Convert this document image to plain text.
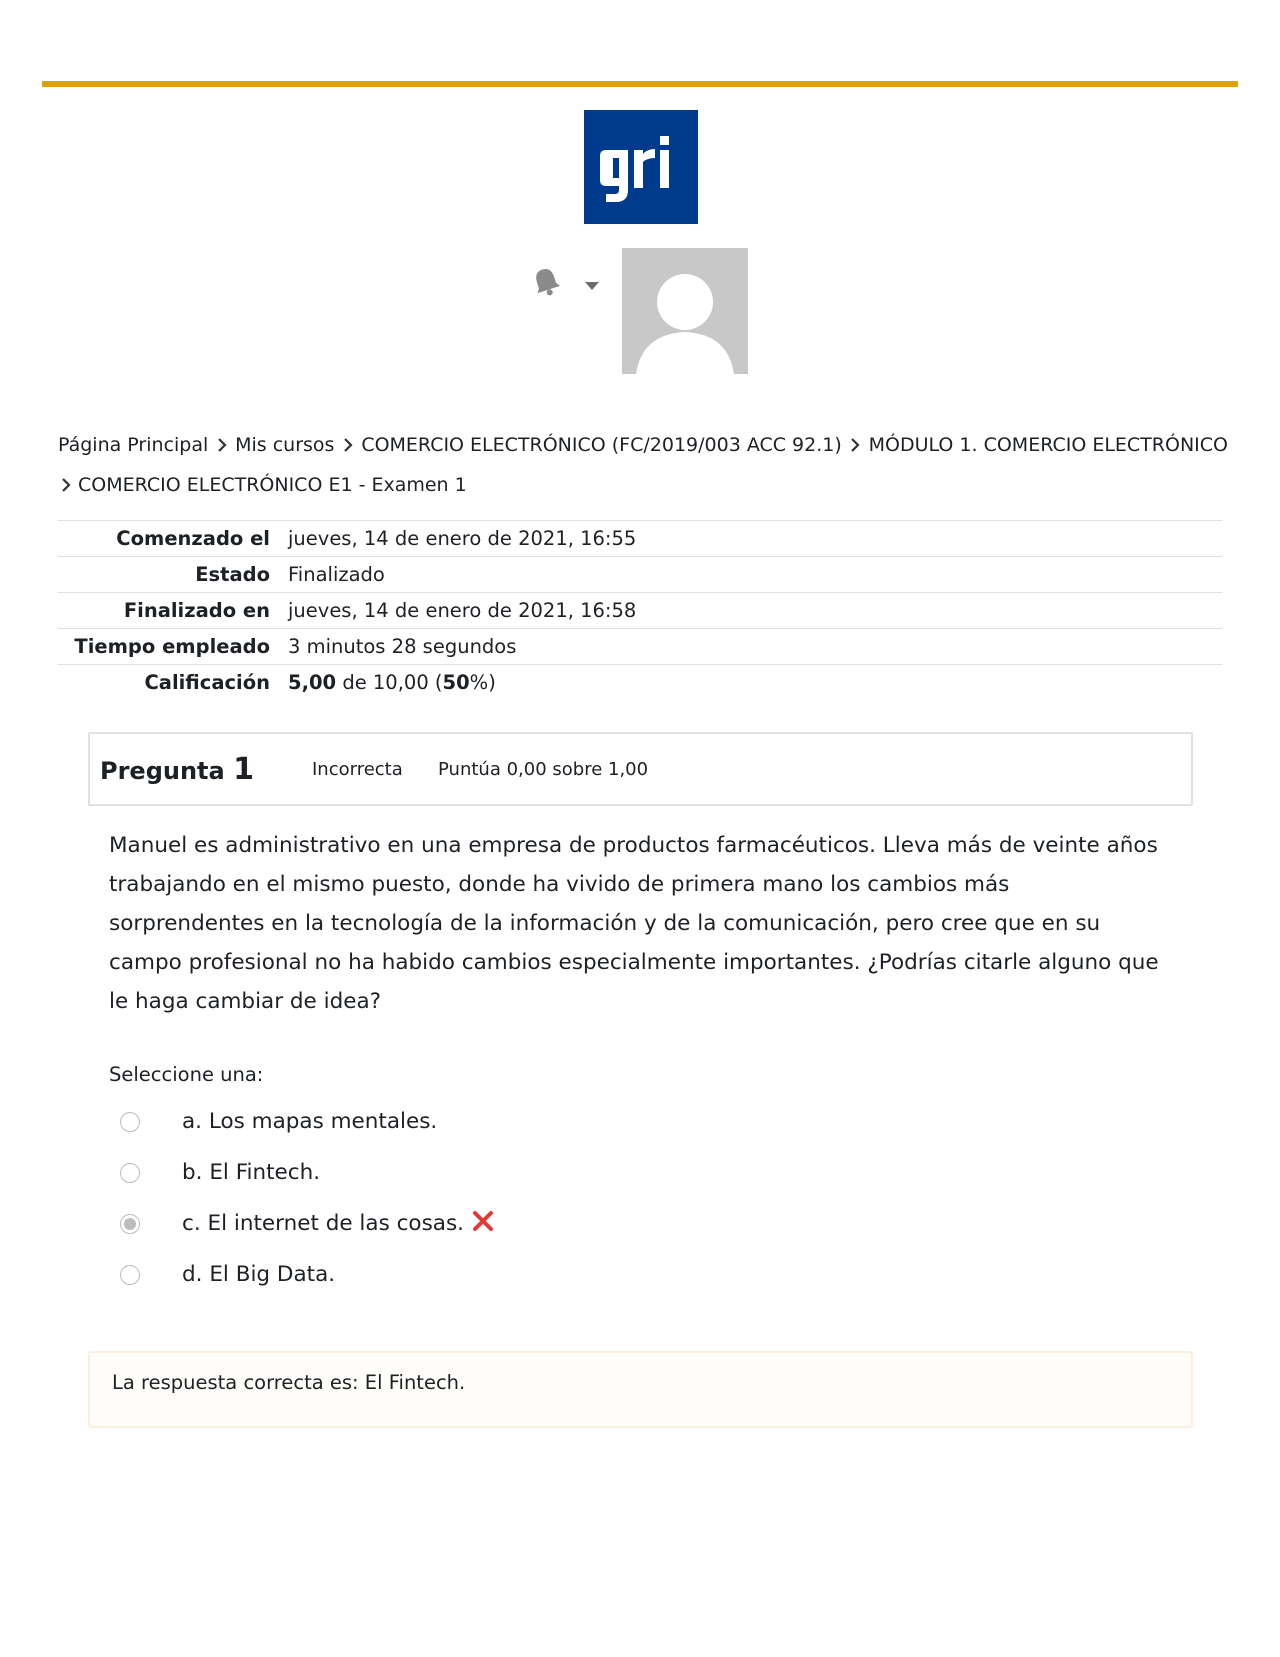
Página Principal Mis cursos COMERCIO ELECTRÓNICO (FC/2019/003 ACC 92.1) MÓDULO 1. COMERCIO ELECTRÓNICO
COMERCIO ELECTRÓNICO E1 - Examen 1
Comenzado el	jueves, 14 de enero de 2021, 16:55
Estado	Finalizado
Finalizado en	jueves, 14 de enero de 2021, 16:58
Tiempo empleado	3 minutos 28 segundos
Calificación	5,00 de 10,00 (50%)
Pregunta 1	Incorrecta	Puntúa 0,00 sobre 1,00
Manuel es administrativo en una empresa de productos farmacéuticos. Lleva más de veinte años
trabajando en el mismo puesto, donde ha vivido de primera mano los cambios más
sorprendentes en la tecnología de la información y de la comunicación, pero cree que en su
campo profesional no ha habido cambios especialmente importantes. ¿Podrías citarle alguno que
le haga cambiar de idea?
Seleccione una:
a. Los mapas mentales.
b. El Fintech.
c. El internet de las cosas.
d. El Big Data.
La respuesta correcta es: El Fintech.
